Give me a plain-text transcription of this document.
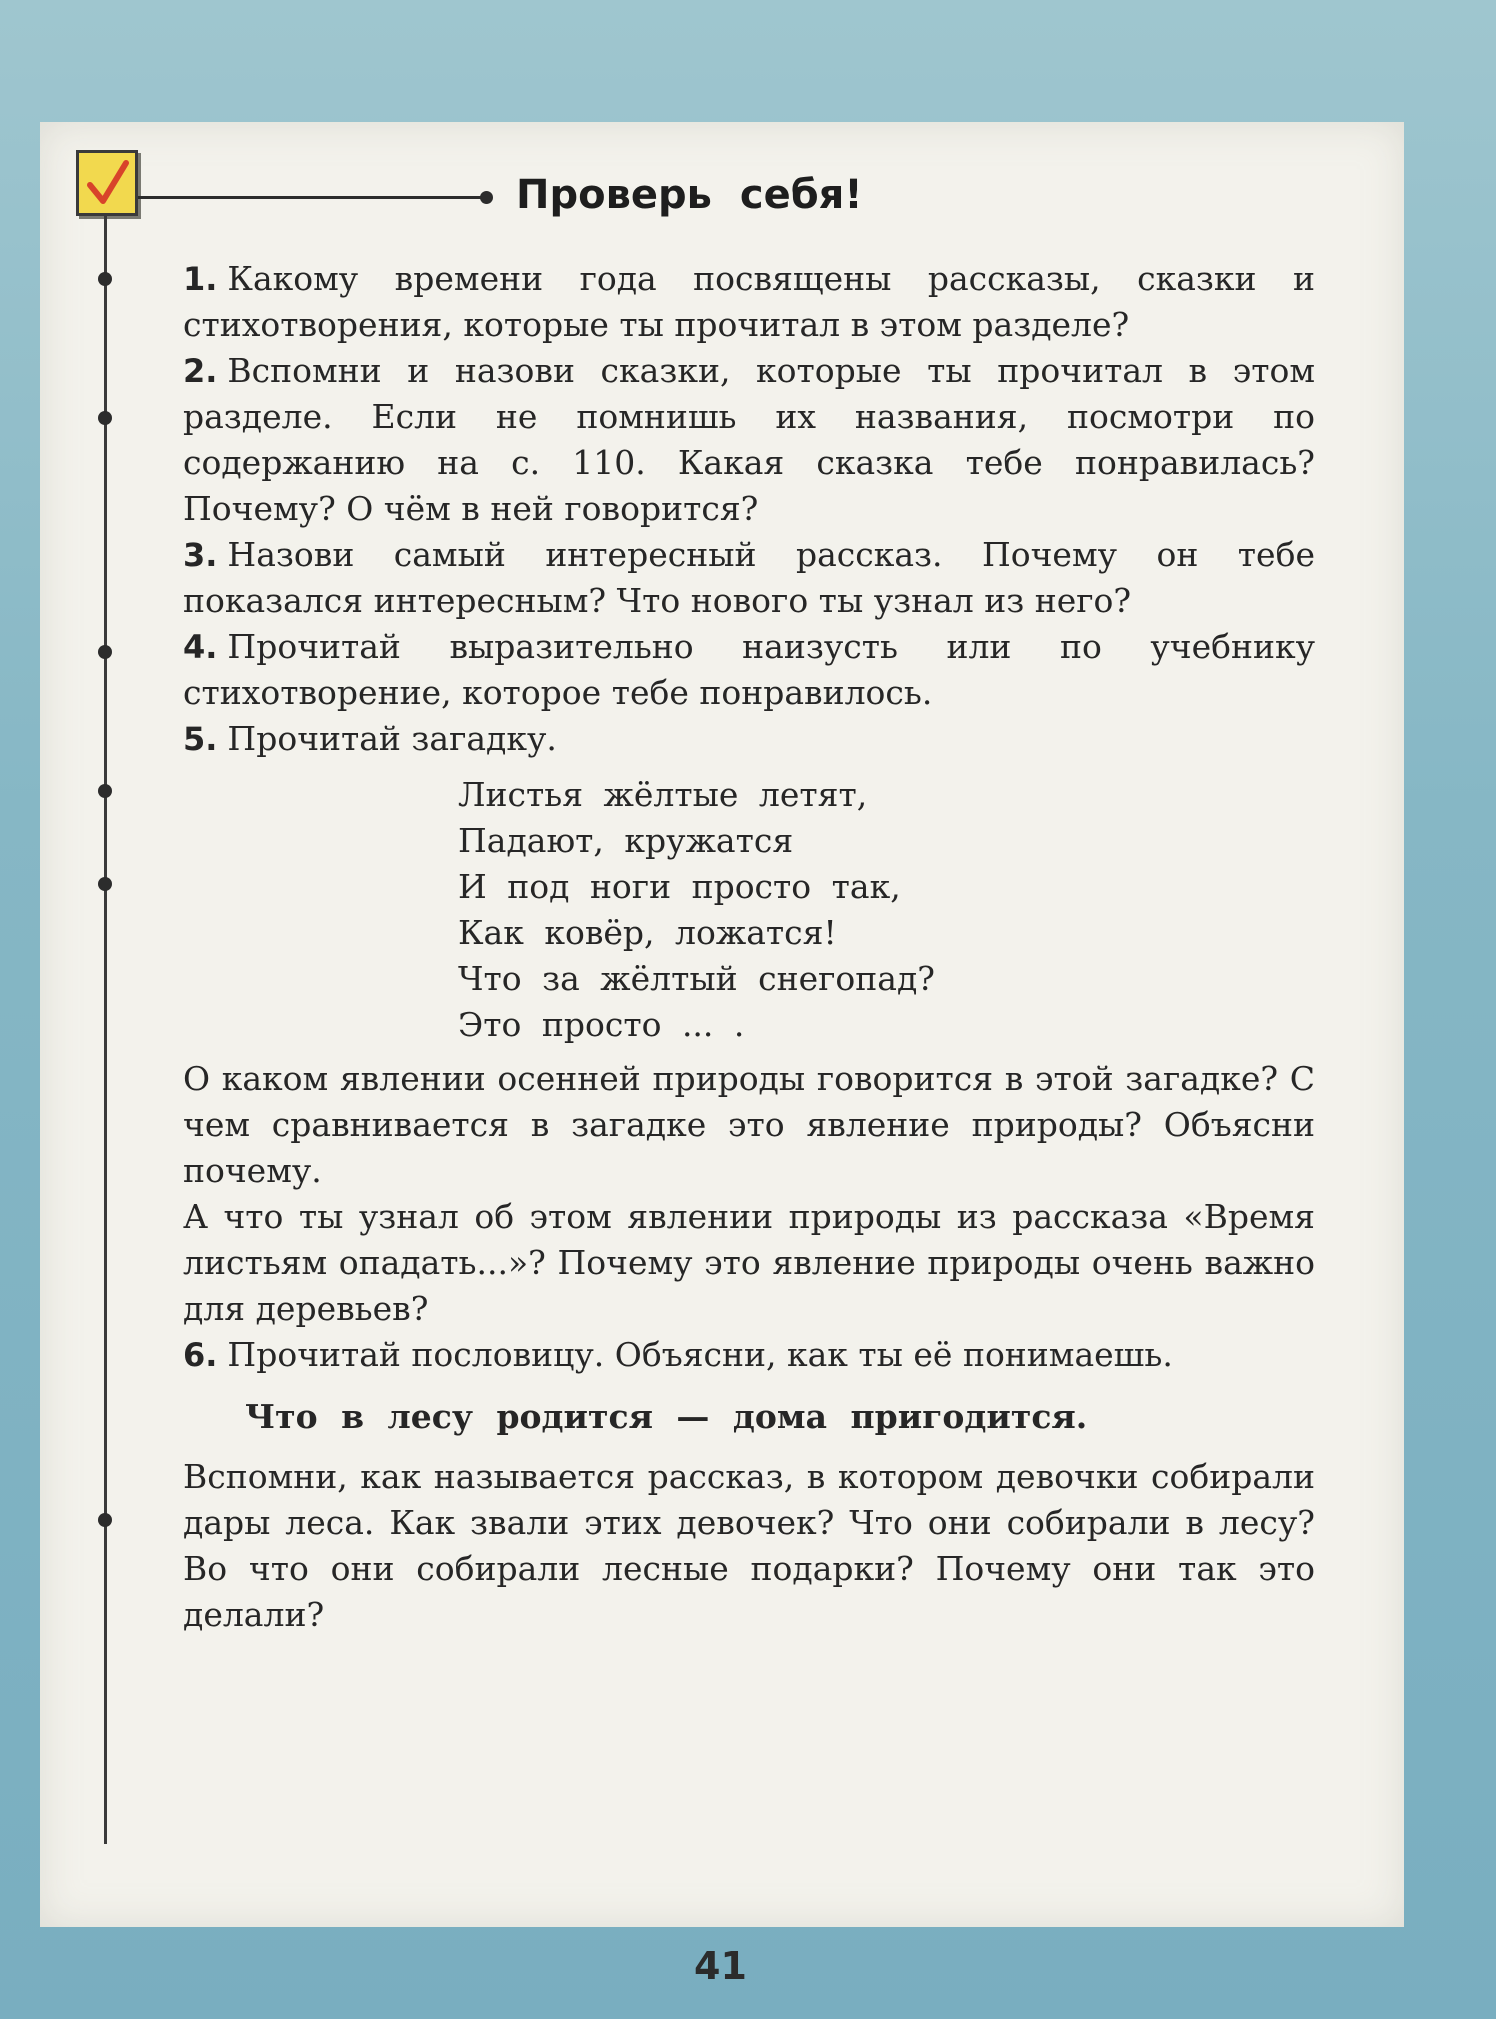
Проверь себя!

1. Какому времени года посвящены рассказы, сказки и стихотворения, которые ты прочитал в этом разделе?

2. Вспомни и назови сказки, которые ты прочитал в этом разделе. Если не помнишь их названия, посмотри по содержанию на с. 110. Какая сказка тебе понравилась? Почему? О чём в ней говорится?

3. Назови самый интересный рассказ. Почему он тебе показался интересным? Что нового ты узнал из него?

4. Прочитай выразительно наизусть или по учебнику стихотворение, которое тебе понравилось.

5. Прочитай загадку.

Листья жёлтые летят,
Падают, кружатся
И под ноги просто так,
Как ковёр, ложатся!
Что за жёлтый снегопад?
Это просто ... .

О каком явлении осенней природы говорится в этой загадке? С чем сравнивается в загадке это явление природы? Объясни почему.

А что ты узнал об этом явлении природы из рассказа «Время листьям опадать...»? Почему это явление природы очень важно для деревьев?

6. Прочитай пословицу. Объясни, как ты её понимаешь.

Что в лесу родится — дома пригодится.

Вспомни, как называется рассказ, в котором девочки собирали дары леса. Как звали этих девочек? Что они собирали в лесу? Во что они собирали лесные подарки? Почему они так это делали?

41
